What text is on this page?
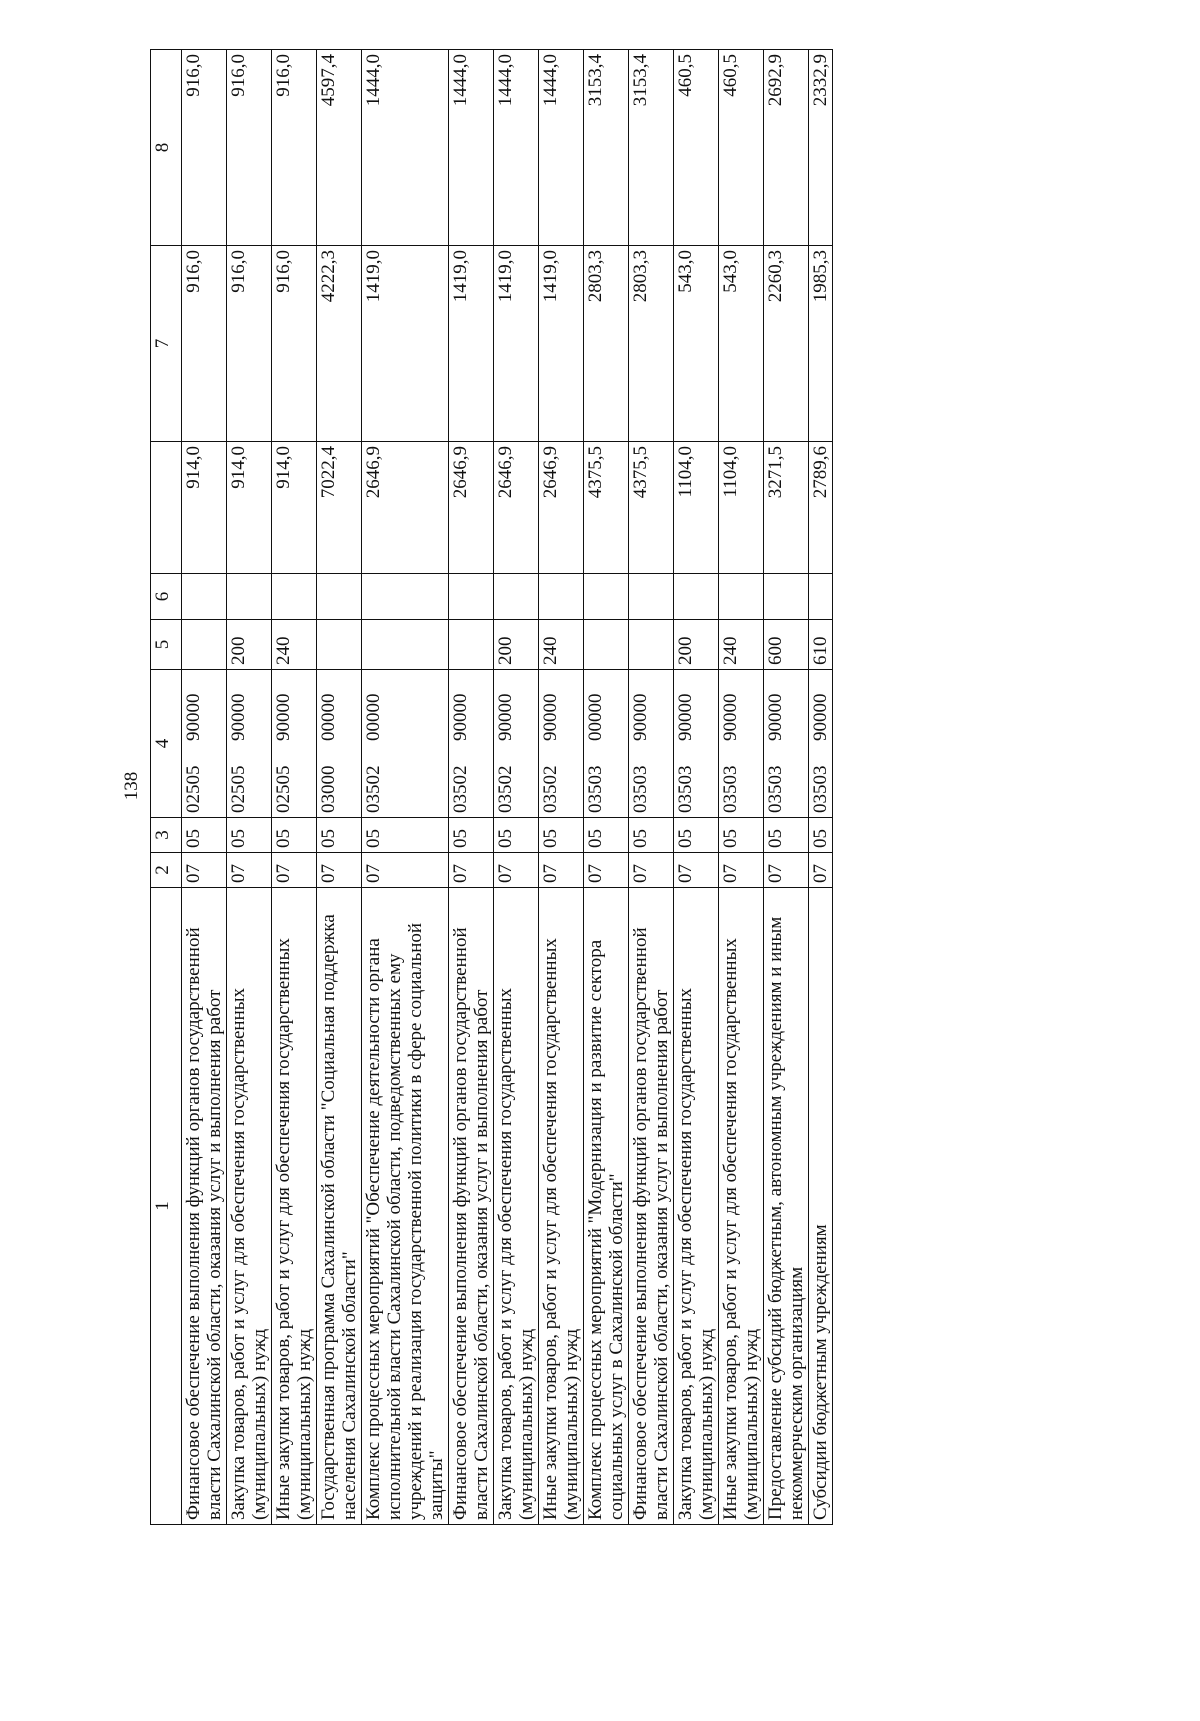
138
1	2	3	4	5	6		7	8
Финансовое обеспечение выполнения функций органов государственной власти Сахалинской области, оказания услуг и выполнения работ	07	05	0250590000			914,0	916,0	916,0
Закупка товаров, работ и услуг для обеспечения государственных (муниципальных) нужд	07	05	0250590000	200		914,0	916,0	916,0
Иные закупки товаров, работ и услуг для обеспечения государственных (муниципальных) нужд	07	05	0250590000	240		914,0	916,0	916,0
Государственная программа Сахалинской области "Социальная поддержка населения Сахалинской области"	07	05	0300000000			7022,4	4222,3	4597,4
Комплекс процессных мероприятий "Обеспечение деятельности органа исполнительной власти Сахалинской области, подведомственных ему учреждений и реализация государственной политики в сфере социальной защиты"	07	05	0350200000			2646,9	1419,0	1444,0
Финансовое обеспечение выполнения функций органов государственной власти Сахалинской области, оказания услуг и выполнения работ	07	05	0350290000			2646,9	1419,0	1444,0
Закупка товаров, работ и услуг для обеспечения государственных (муниципальных) нужд	07	05	0350290000	200		2646,9	1419,0	1444,0
Иные закупки товаров, работ и услуг для обеспечения государственных (муниципальных) нужд	07	05	0350290000	240		2646,9	1419,0	1444,0
Комплекс процессных мероприятий "Модернизация и развитие сектора социальных услуг в Сахалинской области"	07	05	0350300000			4375,5	2803,3	3153,4
Финансовое обеспечение выполнения функций органов государственной власти Сахалинской области, оказания услуг и выполнения работ	07	05	0350390000			4375,5	2803,3	3153,4
Закупка товаров, работ и услуг для обеспечения государственных (муниципальных) нужд	07	05	0350390000	200		1104,0	543,0	460,5
Иные закупки товаров, работ и услуг для обеспечения государственных (муниципальных) нужд	07	05	0350390000	240		1104,0	543,0	460,5
Предоставление субсидий бюджетным, автономным учреждениям и иным некоммерческим организациям	07	05	0350390000	600		3271,5	2260,3	2692,9
Субсидии бюджетным учреждениям	07	05	0350390000	610		2789,6	1985,3	2332,9
